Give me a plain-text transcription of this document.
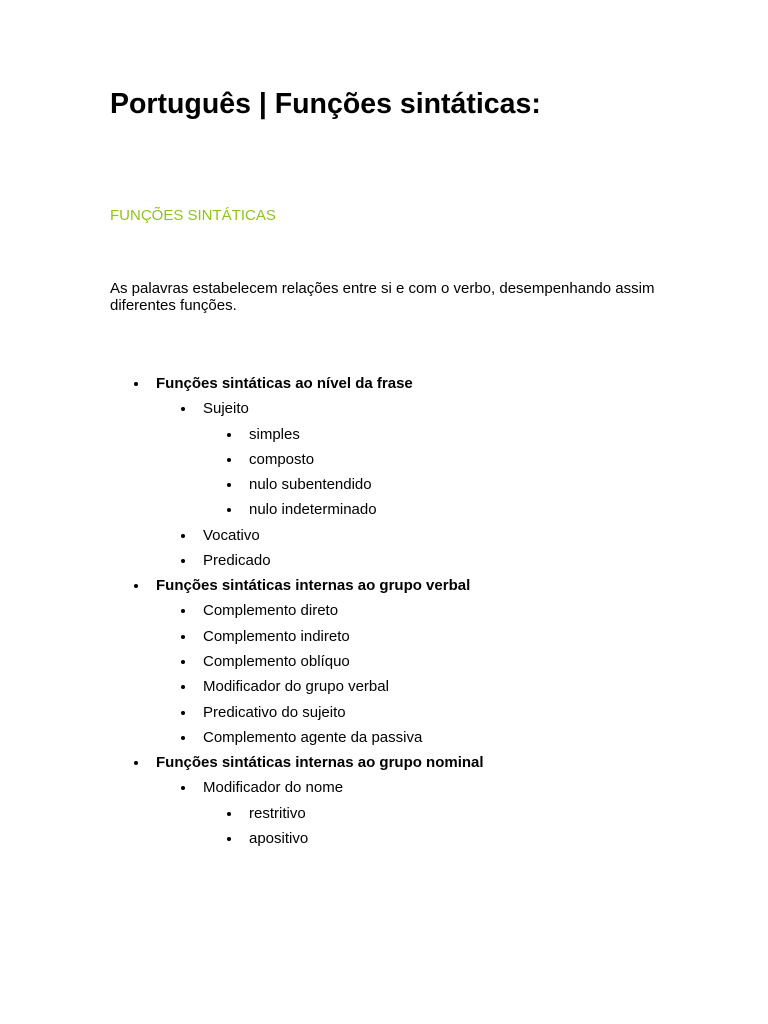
Português | Funções sintáticas:
FUNÇÕES SINTÁTICAS

As palavras estabelecem relações entre si e com o verbo, desempenhando assim diferentes funções.

Funções sintáticas ao nível da frase
Sujeito
simples
composto
nulo subentendido
nulo indeterminado
Vocativo
Predicado
Funções sintáticas internas ao grupo verbal
Complemento direto
Complemento indireto
Complemento oblíquo
Modificador do grupo verbal
Predicativo do sujeito
Complemento agente da passiva
Funções sintáticas internas ao grupo nominal
Modificador do nome
restritivo
apositivo
